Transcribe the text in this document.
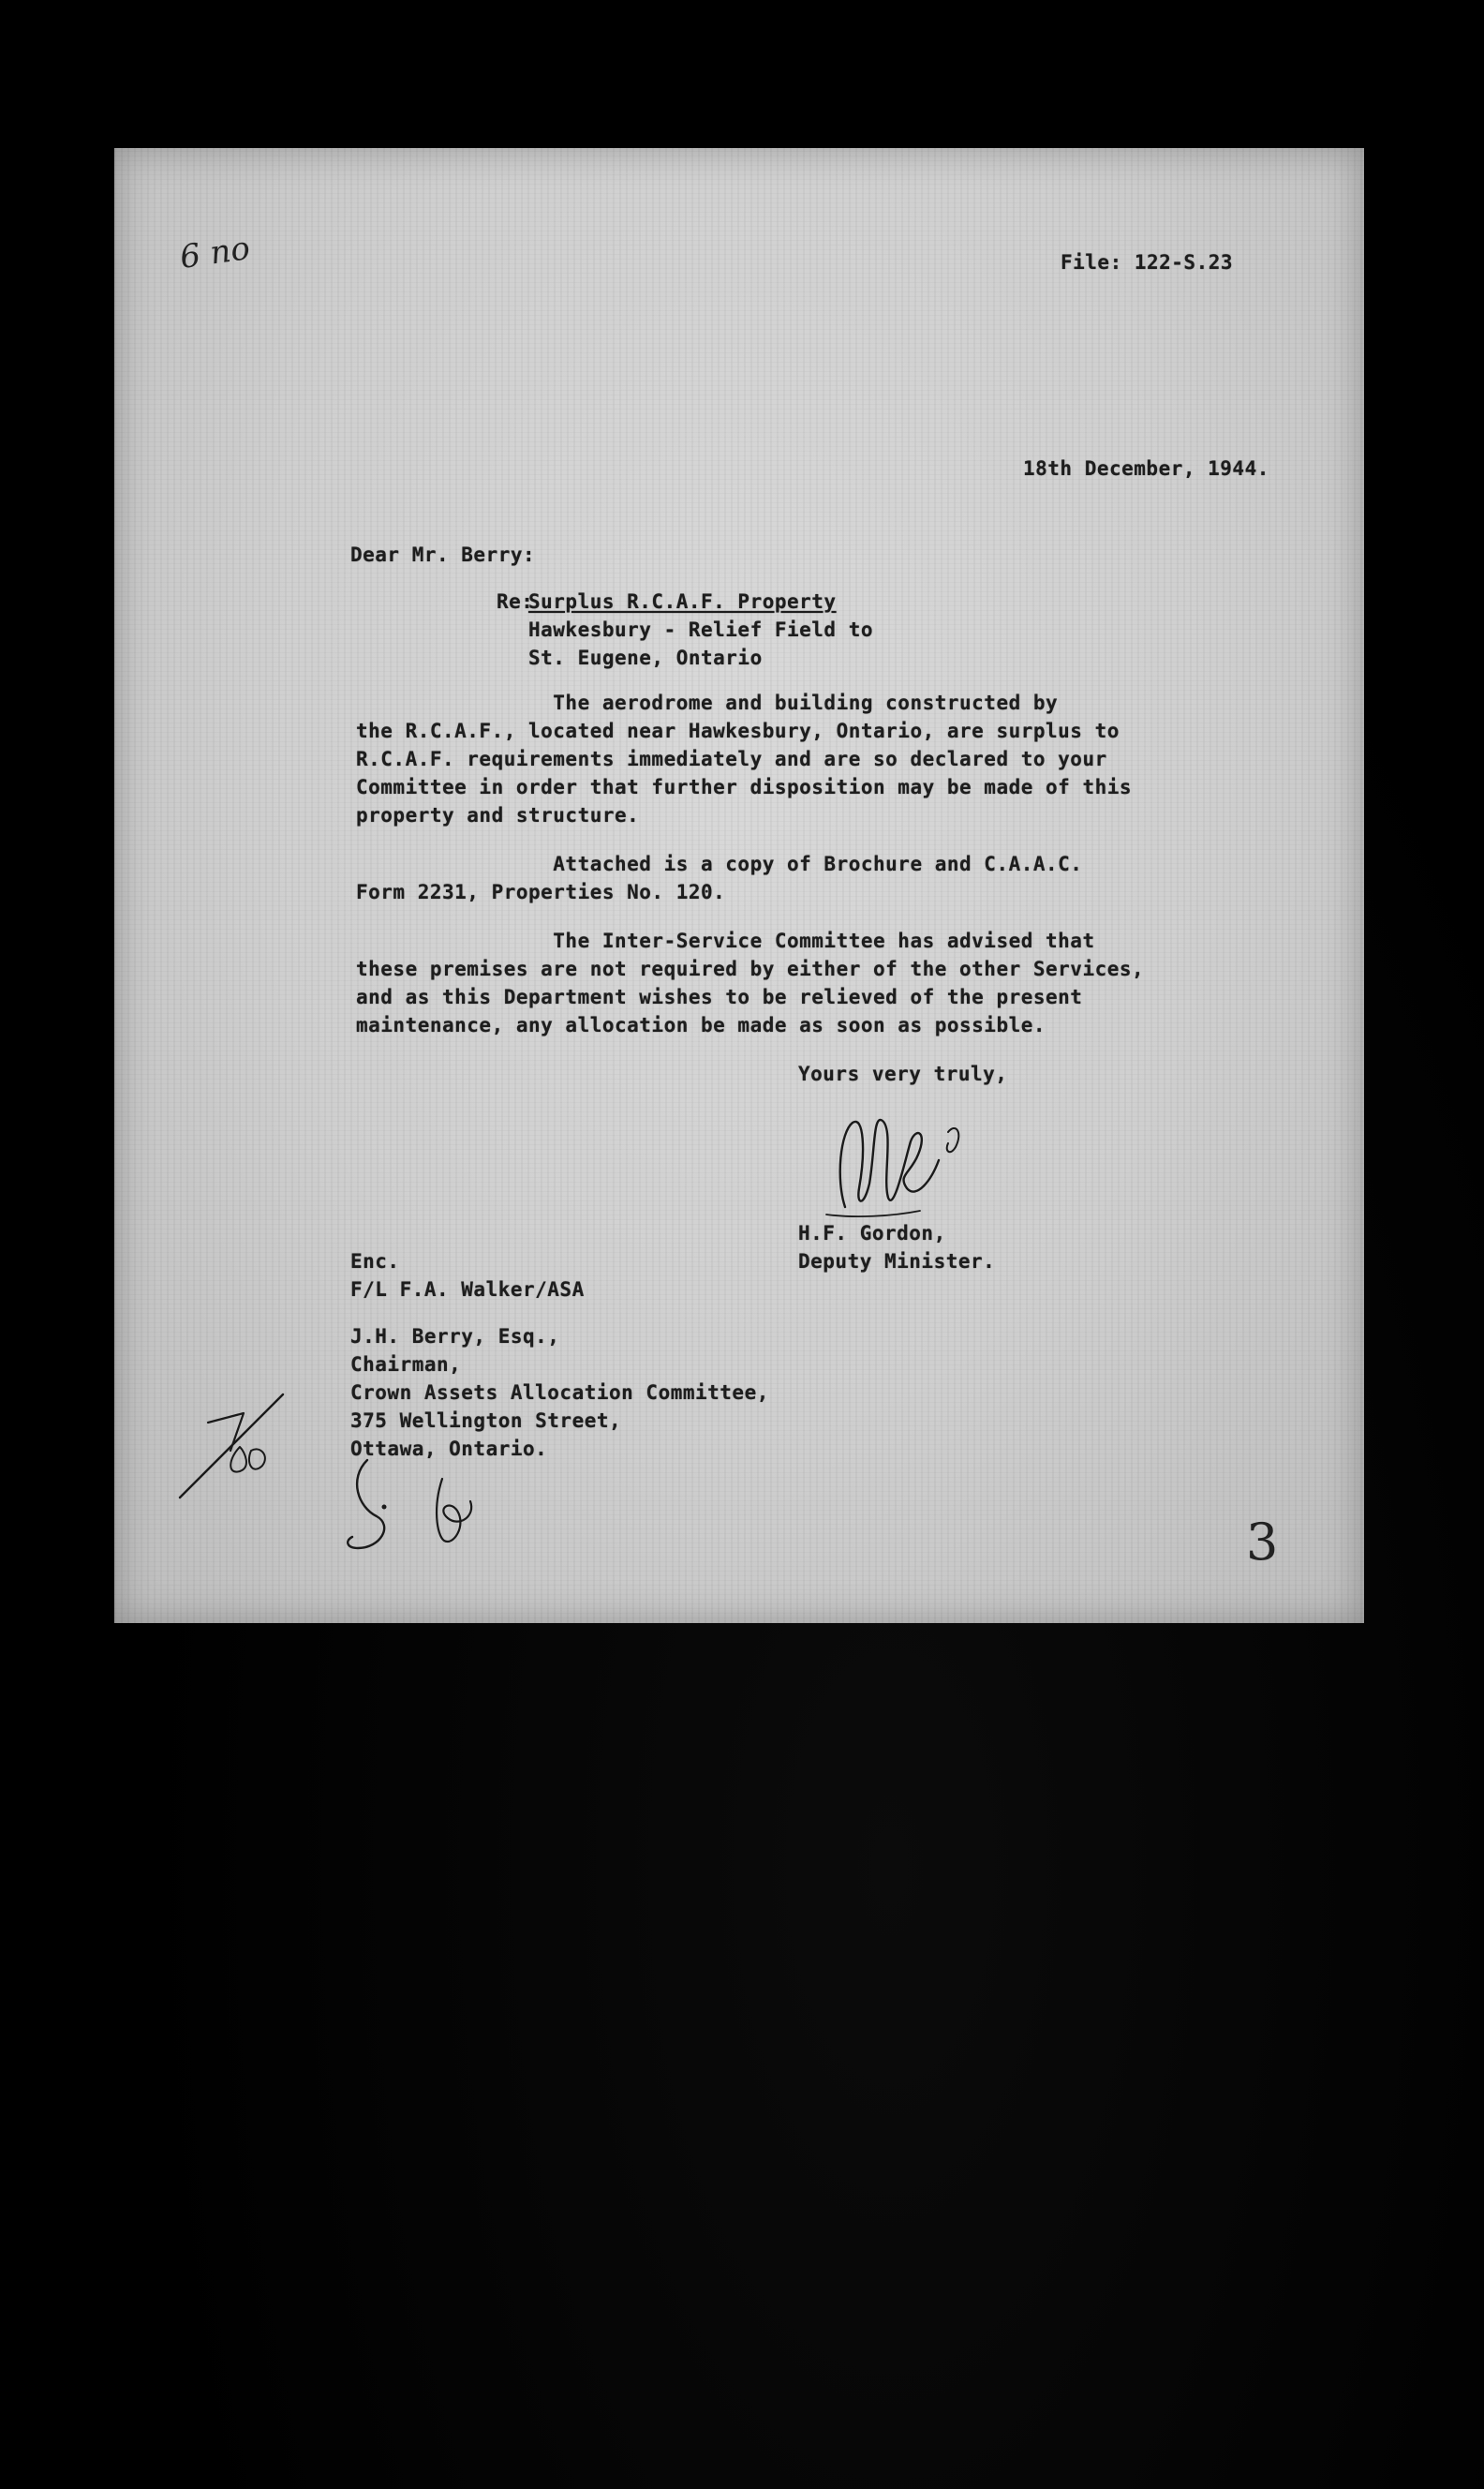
6 no	File: 122-S.23
18th December, 1944.
Dear Mr. Berry:
Re:
Surplus R.C.A.F. Property
Hawkesbury - Relief Field to
St. Eugene, Ontario
The aerodrome and building constructed by
the R.C.A.F., located near Hawkesbury, Ontario, are surplus to
R.C.A.F. requirements immediately and are so declared to your
Committee in order that further disposition may be made of this
property and structure.
Attached is a copy of Brochure and C.A.A.C.
Form 2231, Properties No. 120.
The Inter-Service Committee has advised that
these premises are not required by either of the other Services,
and as this Department wishes to be relieved of the present
maintenance, any allocation be made as soon as possible.
Yours very truly,
H.F. Gordon,
Deputy Minister.
Enc.
F/L F.A. Walker/ASA
J.H. Berry, Esq.,
Chairman,
Crown Assets Allocation Committee,
375 Wellington Street,
Ottawa, Ontario.
3
